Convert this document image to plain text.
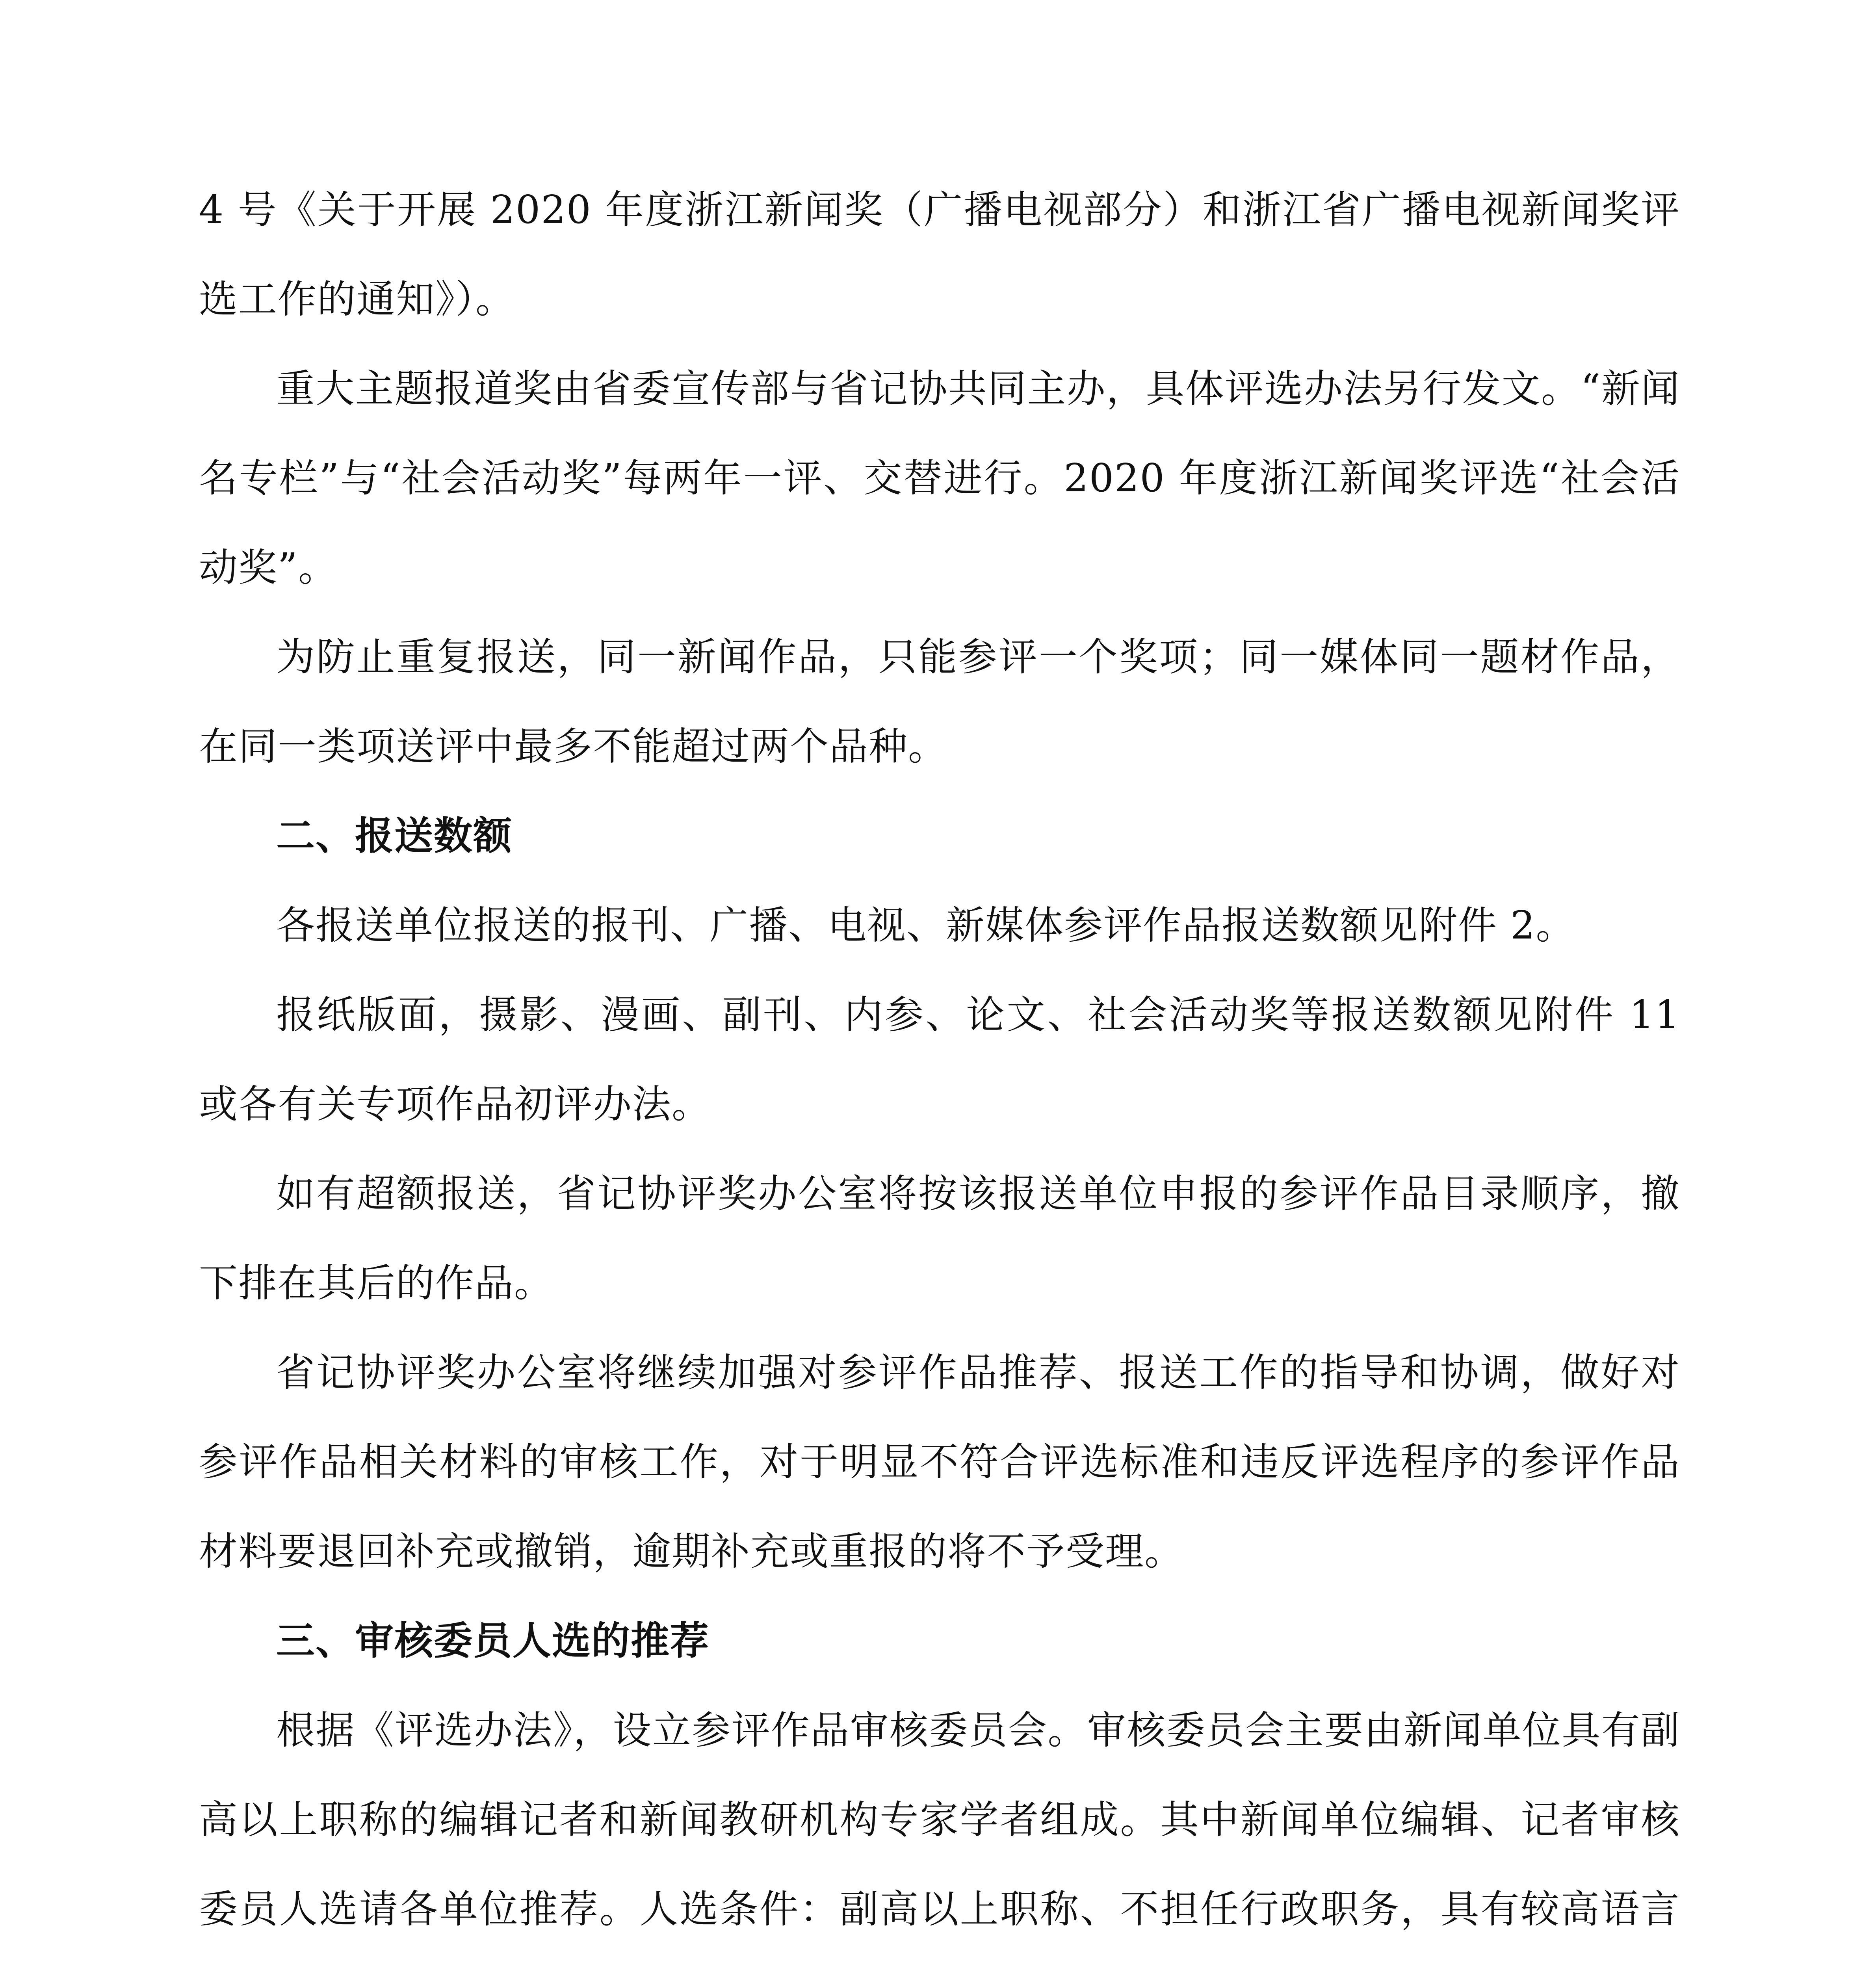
4 号《关于开展 2020 年度浙江新闻奖（广播电视部分）和浙江省广播电视新闻奖评选工作的通知》）。

重大主题报道奖由省委宣传部与省记协共同主办，具体评选办法另行发文。“新闻名专栏”与“社会活动奖”每两年一评、交替进行。2020 年度浙江新闻奖评选“社会活动奖”。

为防止重复报送，同一新闻作品，只能参评一个奖项；同一媒体同一题材作品，在同一类项送评中最多不能超过两个品种。

二、报送数额

各报送单位报送的报刊、广播、电视、新媒体参评作品报送数额见附件 2。

报纸版面，摄影、漫画、副刊、内参、论文、社会活动奖等报送数额见附件 11 或各有关专项作品初评办法。

如有超额报送，省记协评奖办公室将按该报送单位申报的参评作品目录顺序，撤下排在其后的作品。

省记协评奖办公室将继续加强对参评作品推荐、报送工作的指导和协调，做好对参评作品相关材料的审核工作，对于明显不符合评选标准和违反评选程序的参评作品材料要退回补充或撤销，逾期补充或重报的将不予受理。

三、审核委员人选的推荐

根据《评选办法》，设立参评作品审核委员会。审核委员会主要由新闻单位具有副高以上职称的编辑记者和新闻教研机构专家学者组成。其中新闻单位编辑、记者审核委员人选请各单位推荐。人选条件：副高以上职称、不担任行政职务，具有较高语言
